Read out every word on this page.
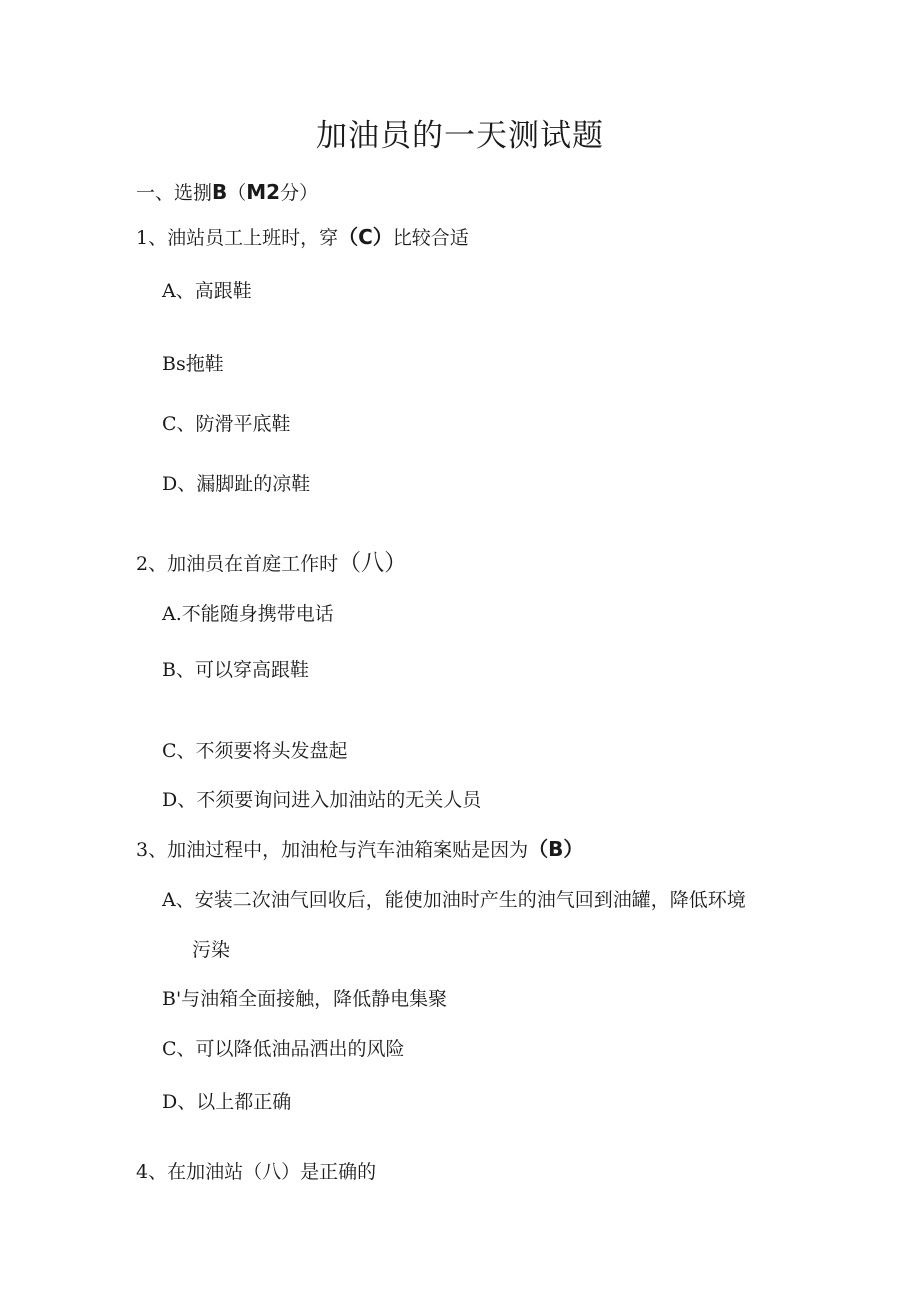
加油员的一天测试题
一、选捌B（M2分）
1、油站员工上班时，穿（C）比较合适
A、高跟鞋
Bs拖鞋
C、防滑平底鞋
D、漏脚趾的凉鞋
2、加油员在首庭工作时（八）
A.不能随身携带电话
B、可以穿高跟鞋
C、不须要将头发盘起
D、不须要询问进入加油站的无关人员
3、加油过程中，加油枪与汽车油箱案贴是因为（B）
A、安装二次油气回收后，能使加油时产生的油气回到油罐，降低环境
污染
B'与油箱全面接触，降低静电集聚
C、可以降低油品洒出的风险
D、以上都正确
4、在加油站（八）是正确的
